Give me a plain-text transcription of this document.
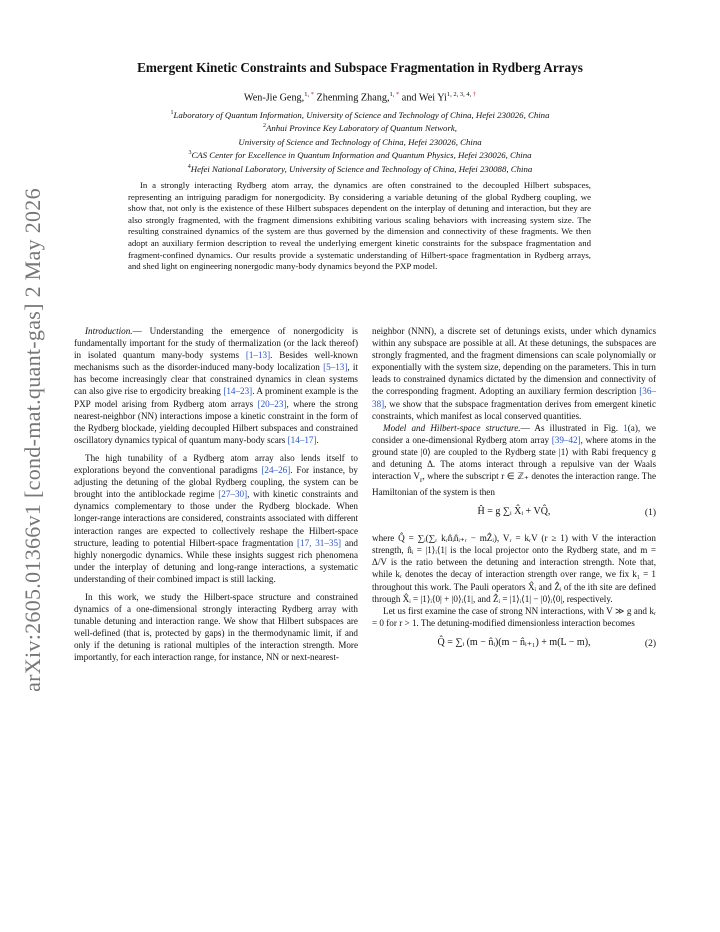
arXiv:2605.01366v1 [cond-mat.quant-gas] 2 May 2026
Emergent Kinetic Constraints and Subspace Fragmentation in Rydberg Arrays
Wen-Jie Geng,$^{1, *}$ Zhenming Zhang,$^{1, *}$ and Wei $Yi^{1, 2, 3, 4, \dagger}$
$^1$Laboratory of Quantum Information, University of Science and Technology of China, Hefei 230026, China
$^2$Anhui Province Key Laboratory of Quantum Network,
University of Science and Technology of China, Hefei 230026, China
$^3$CAS Center for Excellence in Quantum Information and Quantum Physics, Hefei 230026, China
$^4$Hefei National Laboratory, University of Science and Technology of China, Hefei 230088, China
In a strongly interacting Rydberg atom array, the dynamics are often constrained to the decoupled Hilbert subspaces, representing an intriguing paradigm for nonergodicity. By considering a variable detuning of the global Rydberg coupling, we show that, not only is the existence of these Hilbert subspaces dependent on the interplay of detuning and interaction, but they are also strongly fragmented, with the fragment dimensions exhibiting various scaling behaviors with increasing system size. The resulting constrained dynamics of the system are thus governed by the dimension and connectivity of these fragments. We then adopt an auxiliary fermion description to reveal the underlying emergent kinetic constraints for the subspace fragmentation and fragment-confined dynamics. Our results provide a systematic understanding of Hilbert-space fragmentation in Rydberg arrays, and shed light on engineering nonergodic many-body dynamics beyond the PXP model.

Introduction.— Understanding the emergence of nonergodicity is fundamentally important for the study of thermalization (or the lack thereof) in isolated quantum many-body systems [1–13]. Besides well-known mechanisms such as the disorder-induced many-body localization [5–13], it has become increasingly clear that constrained dynamics in clean systems can also give rise to ergodicity breaking [14–23]. A prominent example is the PXP model arising from Rydberg atom arrays [20–23], where the strong nearest-neighbor (NN) interactions impose a kinetic constraint in the form of the Rydberg blockade, yielding decoupled Hilbert subspaces and constrained oscillatory dynamics typical of quantum many-body scars [14–17].

The high tunability of a Rydberg atom array also lends itself to explorations beyond the conventional paradigms [24–26]. For instance, by adjusting the detuning of the global Rydberg coupling, the system can be brought into the antiblockade regime [27–30], with kinetic constraints and dynamics complementary to those under the Rydberg blockade. When longer-range interactions are considered, constraints associated with different interaction ranges are expected to collectively reshape the Hilbert-space structure, leading to potential Hilbert-space fragmentation [17, 31–35] and highly nonergodic dynamics. While these insights suggest rich phenomena under the interplay of detuning and long-range interactions, a systematic understanding of their combined impact is still lacking.

In this work, we study the Hilbert-space structure and constrained dynamics of a one-dimensional strongly interacting Rydberg array with tunable detuning and interaction range. We show that Hilbert subspaces are well-defined (that is, protected by gaps) in the thermodynamic limit, if and only if the detuning is rational multiples of the interaction strength. More importantly, for each interaction range, for instance, NN or next-nearest-

neighbor (NNN), a discrete set of detunings exists, under which dynamics within any subspace are possible at all. At these detunings, the subspaces are strongly fragmented, and the fragment dimensions can scale polynomially or exponentially with the system size, depending on the parameters. This in turn leads to constrained dynamics dictated by the dimension and connectivity of the corresponding fragment. Adopting an auxiliary fermion description [36–38], we show that the subspace fragmentation derives from emergent kinetic constraints, which manifest as local conserved quantities.

Model and Hilbert-space structure.— As illustrated in Fig. 1(a), we consider a one-dimensional Rydberg atom array [39–42], where atoms in the ground state |0⟩ are coupled to the Rydberg state |1⟩ with Rabi frequency g and detuning Δ. The atoms interact through a repulsive van der Waals interaction $V_r$, where the subscript r ∈ ℤ₊ denotes the interaction range. The Hamiltonian of the system is then

Ĥ = g ∑ᵢ X̂ᵢ + VQ̂,	(1)

where Q̂ = ∑ᵢ(∑ᵣ kᵣn̂ᵢn̂ᵢ₊ᵣ − mẐᵢ), Vᵣ = kᵣV (r ≥ 1) with V the interaction strength, n̂ᵢ = |1⟩ᵢ⟨1| is the local projector onto the Rydberg state, and m = Δ/V is the ratio between the detuning and interaction strength. Note that, while kᵣ denotes the decay of interaction strength over range, we fix k₁ = 1 throughout this work. The Pauli operators X̂ᵢ and Ẑᵢ of the ith site are defined through X̂ᵢ = |1⟩ᵢ⟨0| + |0⟩ᵢ⟨1|, and Ẑᵢ = |1⟩ᵢ⟨1| − |0⟩ᵢ⟨0|, respectively.

Let us first examine the case of strong NN interactions, with V ≫ g and kᵣ = 0 for r > 1. The detuning-modified dimensionless interaction becomes

Q̂ = ∑ᵢ (m − n̂ᵢ)(m − n̂ᵢ₊₁) + m(L − m),	(2)
